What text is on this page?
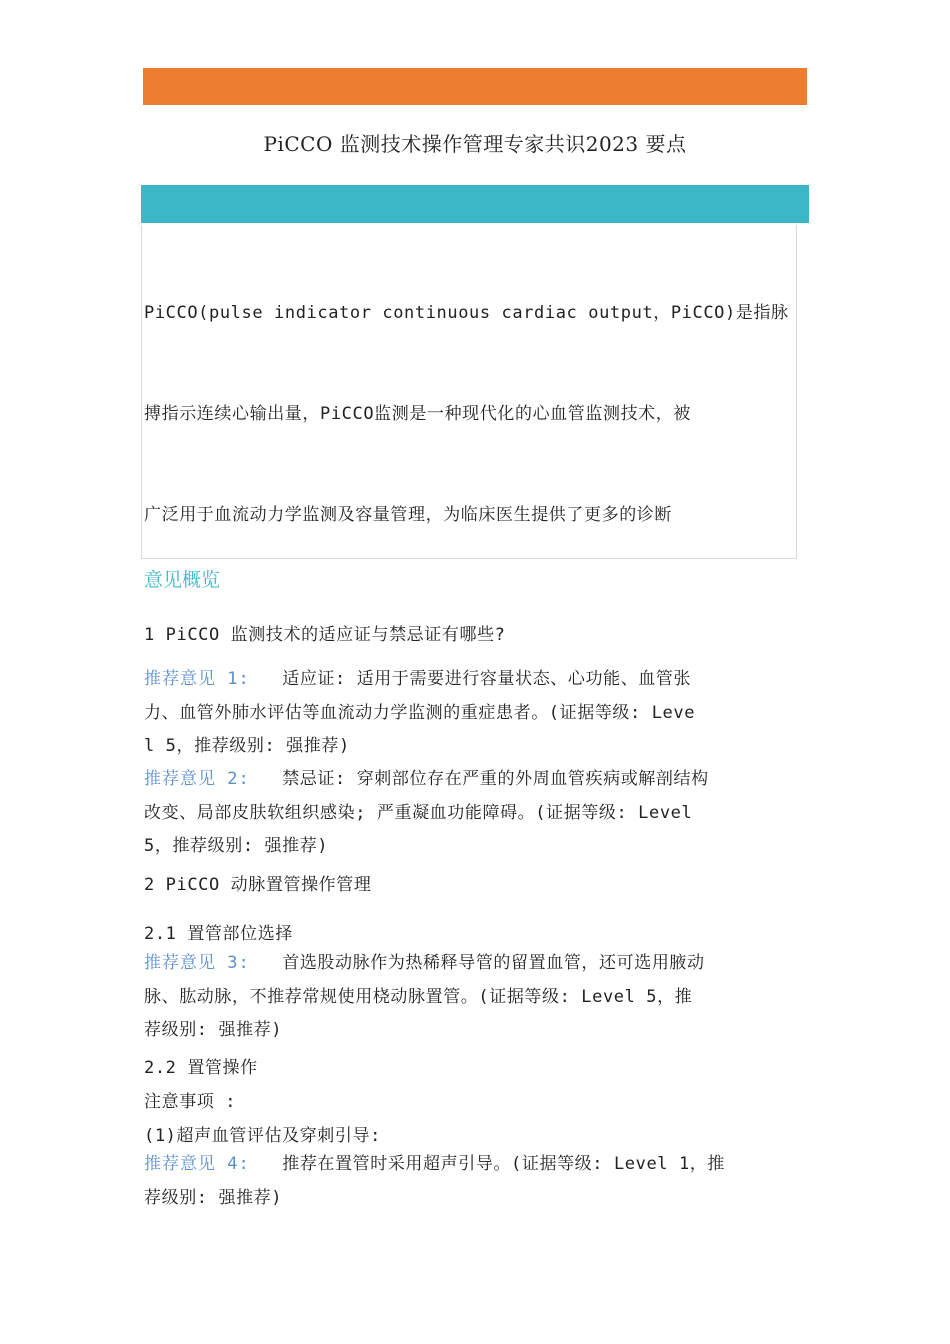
PiCCO 监测技术操作管理专家共识2023 要点

PiCCO(pulse indicator continuous cardiac output，PiCCO)是指脉

搏指示连续心输出量，PiCCO监测是一种现代化的心血管监测技术，被

广泛用于血流动力学监测及容量管理，为临床医生提供了更多的诊断

意见概览
1 PiCCO 监测技术的适应证与禁忌证有哪些?
推荐意见 1: 适应证: 适用于需要进行容量状态、心功能、血管张
力、血管外肺水评估等血流动力学监测的重症患者。(证据等级: Leve
l 5，推荐级别: 强推荐)
推荐意见 2: 禁忌证: 穿刺部位存在严重的外周血管疾病或解剖结构
改变、局部皮肤软组织感染; 严重凝血功能障碍。(证据等级: Level
5，推荐级别: 强推荐)
2 PiCCO 动脉置管操作管理
2.1 置管部位选择
推荐意见 3: 首选股动脉作为热稀释导管的留置血管，还可选用腋动
脉、肱动脉，不推荐常规使用桡动脉置管。(证据等级: Level 5，推
荐级别: 强推荐)
2.2 置管操作
注意事项 :
(1)超声血管评估及穿刺引导:
推荐意见 4: 推荐在置管时采用超声引导。(证据等级: Level 1，推
荐级别: 强推荐)
